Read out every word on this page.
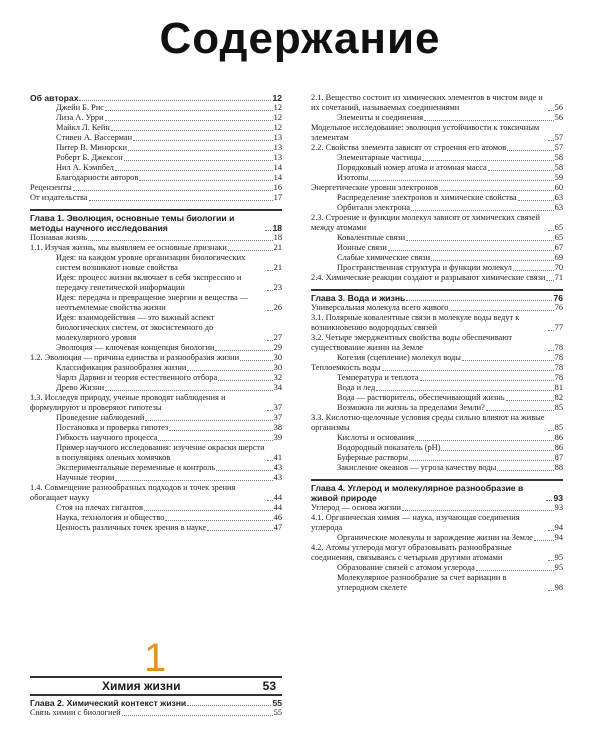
Содержание
Об авторах	12
Джейн Б. Рис	12
Лиза А. Урри	12
Майкл Л. Кейн	12
Стивен А. Вассерман	13
Питер В. Минорски	13
Роберт Б. Джексон	13
Нил А. Кэмпбел	14
Благодарности авторов	14
Рецензенты	16
От издательства	17
Глава 1. Эволюция, основные темы биологии и методы научного исследования	18
Познавая жизнь	18
1.1. Изучая жизнь, мы выявляем ее основные признаки	21
Идея: на каждом уровне организации биологических систем возникают новые свойства	21
Идея: процесс жизни включает в себя экспрессию и передачу генетической информации	23
Идея: передача и превращение энергии и вещества — неотъемлемые свойства жизни	26
Идея: взаимодействия — это важный аспект биологических систем, от экосистемного до молекулярного уровня	27
Эволюция — ключевая концепция биологии	29
1.2. Эволюция — причина единства и разнообразия жизни	30
Классификация разнообразия жизни	30
Чарлз Дарвин и теория естественного отбора	32
Древо Жизни	34
1.3. Исследуя природу, ученые проводят наблюдения и формулируют и проверяют гипотезы	37
Проведение наблюдений	37
Постановка и проверка гипотез	38
Гибкость научного процесса	39
Пример научного исследования: изучение окраски шерсти в популяциях оленьих хомячков	41
Экспериментальные переменные и контроль	43
Научные теории	43
1.4. Совмещение разнообразных подходов и точек зрения обогащает науку	44
Стоя на плечах гигантов	44
Наука, технология и общество	46
Ценность различных точек зрения в науке	47
1
Химия жизни	53
Глава 2. Химический контекст жизни	55
Связь химии с биологией	55
2.1. Вещество состоит из химических элементов в чистом виде и их сочетаний, называемых соединениями	56
Элементы и соединения	56
Модельное исследование: эволюция устойчивости к токсичным элементам	57
2.2. Свойства элемента зависят от строения его атомов	57
Элементарные частицы	58
Порядковый номер атома и атомная масса	58
Изотопы	59
Энергетические уровни электронов	60
Распределение электронов и химические свойства	63
Орбитали электрона	63
2.3. Строение и функции молекул зависят от химических связей между атомами	65
Ковалентные связи	65
Ионные связи	67
Слабые химические связи	69
Пространственная структура и функции молекул	70
2.4. Химические реакции создают и разрывают химические связи 71
Глава 3. Вода и жизнь	76
Универсальная молекула всего живого	76
3.1. Полярные ковалентные связи в молекуле воды ведут к возникновению водородных связей	77
3.2. Четыре эмерджентных свойства воды обеспечивают существование жизни на Земле	78
Когезия (сцепление) молекул воды	78
Теплоемкость воды	78
Температура и теплота	78
Вода и лед	81
Вода — растворитель, обеспечивающий жизнь	82
Возможна ли жизнь за пределами Земли?	85
3.3. Кислотно-щелочные условия среды сильно влияют на живые организмы	85
Кислоты и основания	86
Водородный показатель (pH)	86
Буферные растворы	87
Закисление океанов — угроза качеству воды	88
Глава 4. Углерод и молекулярное разнообразие в живой природе	93
Углерод — основа жизни	93
4.1. Органическая химия — наука, изучающая соединения углерода	94
Органические молекулы и зарождение жизни на Земле	94
4.2. Атомы углерода могут образовывать разнообразные соединения, связываясь с четырьмя другими атомами	95
Образование связей с атомом углерода	95
Молекулярное разнообразие за счет вариации в углеродном скелете	98
